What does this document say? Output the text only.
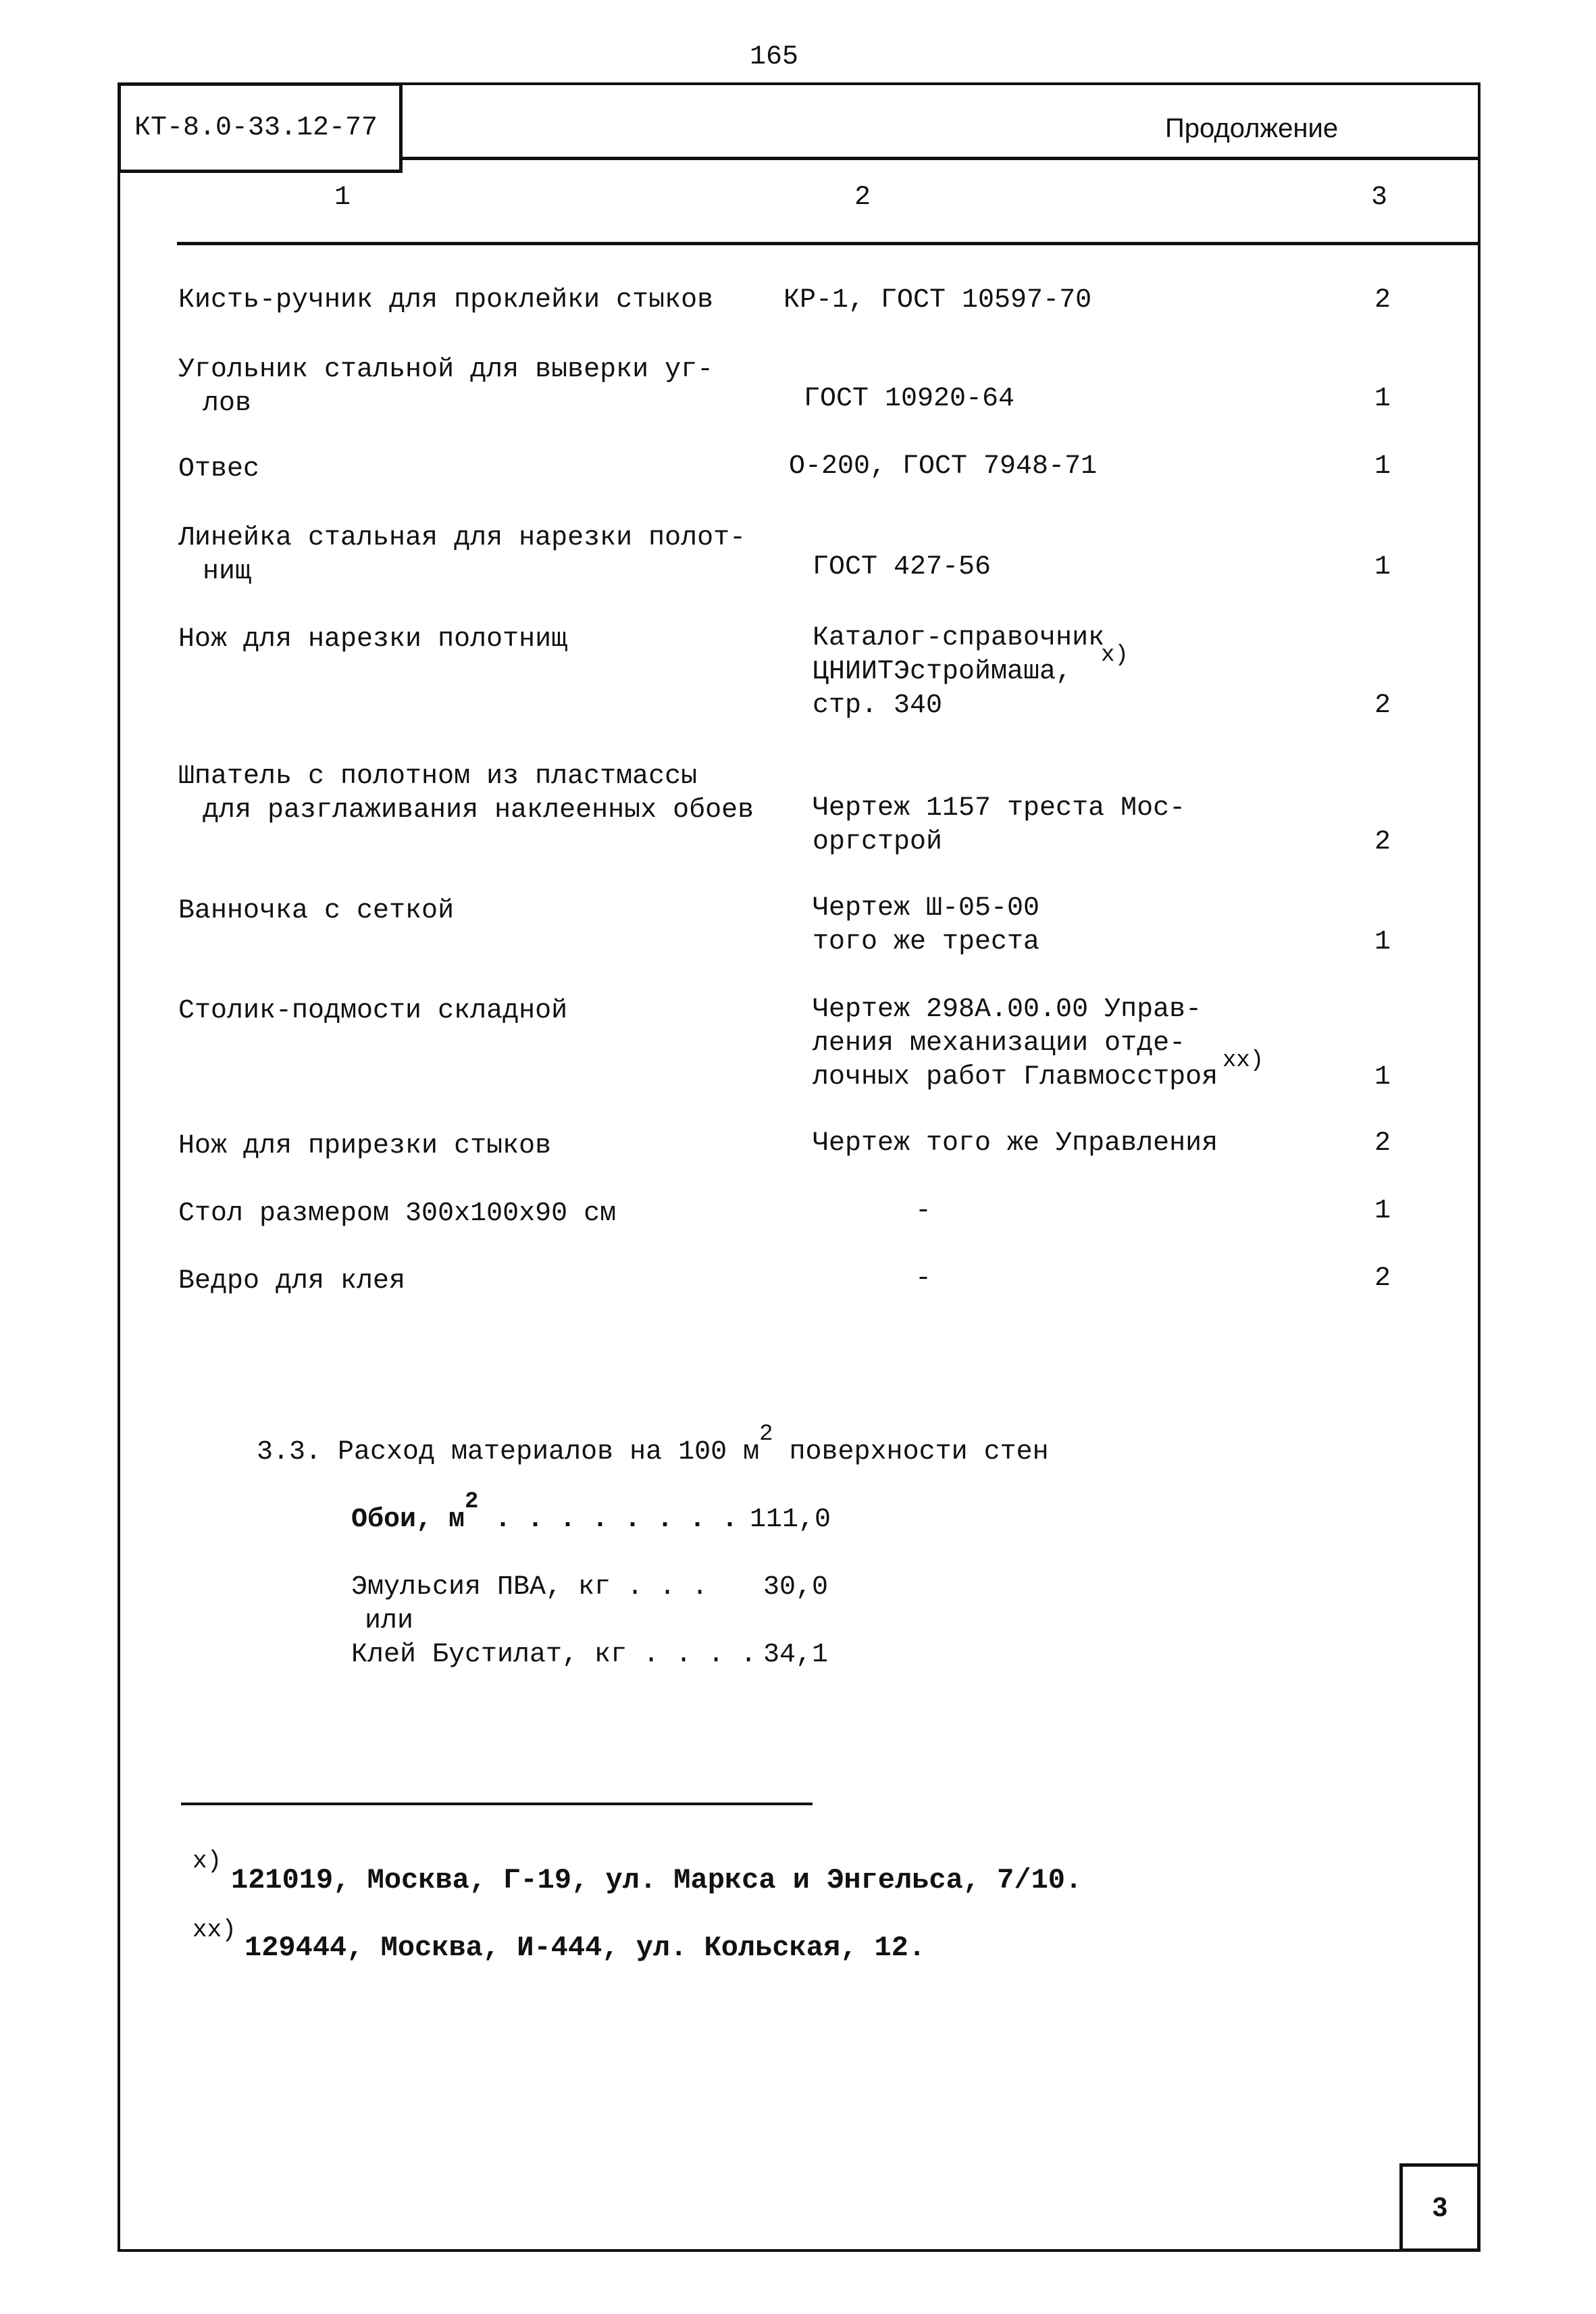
165
КТ-8.0-33.12-77	Продолжение
1	2	3
Кисть-ручник для проклейки стыков	КР-1, ГОСТ 10597-70	2
Угольник стальной для выверки уг-
лов	ГОСТ 10920-64	1
Отвес	О-200, ГОСТ 7948-71	1
Линейка стальная для нарезки полот-
нищ	ГОСТ 427-56	1
Нож для нарезки полотнищ	Каталог-справочник
х)
ЦНИИТЭстроймаша,
стр. 340	2
Шпатель с полотном из пластмассы
для разглаживания наклеенных обоев Чертеж 1157 треста Мос-
оргстрой	2
Ванночка с сеткой	Чертеж Ш-05-00
того же треста	1
Столик-подмости складной	Чертеж 298А.00.00 Управ-
ления механизации отде-
лочных работ Главмосстроя
хх)
1
Нож для прирезки стыков	Чертеж того же Управления	2
Стол размером 300х100х90 см	-	1
Ведро для клея	-	2
3.3. Расход материалов на 100 $м^2$ поверхности стен
Обои, $м^2$ . . . . . . . . 111,0
Эмульсия ПВА, кг . . . 30,0
или
Клей Бустилат, кг . . . . 34,1
х)
121019, Москва, Г-19, ул. Маркса и Энгельса, 7/10.
хх)
129444, Москва, И-444, ул. Кольская, 12.
3
